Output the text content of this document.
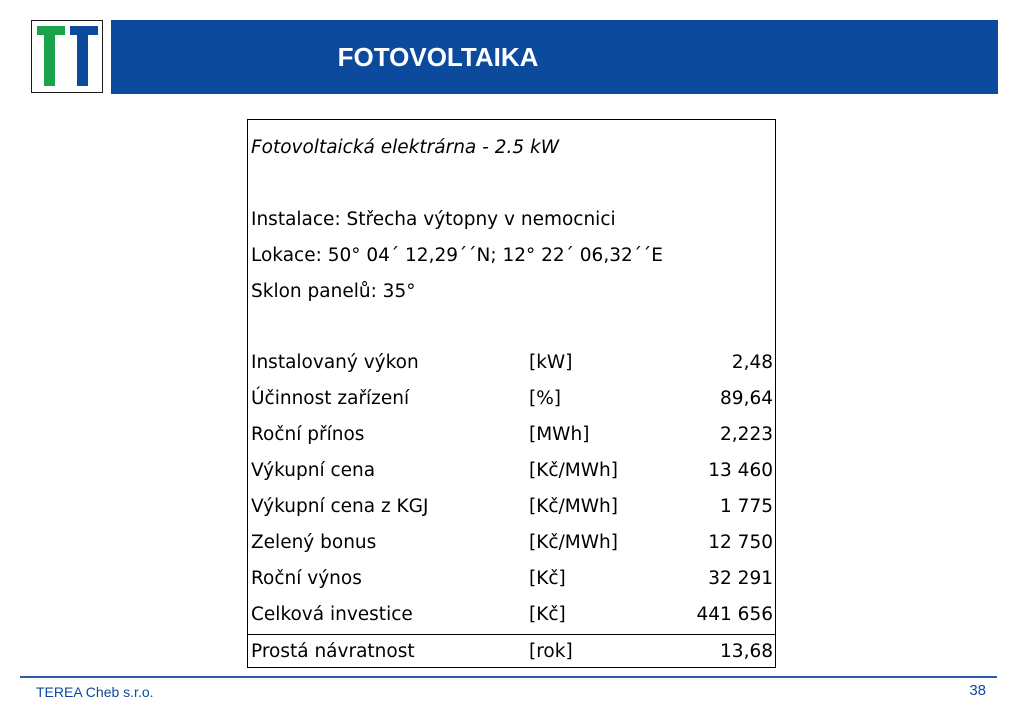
FOTOVOLTAIKA
Fotovoltaická elektrárna - 2.5 kW
Instalace: Střecha výtopny v nemocnici
Lokace: 50° 04´ 12,29´´N; 12° 22´ 06,32´´E
Sklon panelů: 35°
Instalovaný výkon	[kW]	2,48
Účinnost zařízení	[%]	89,64
Roční přínos	[MWh]	2,223
Výkupní cena	[Kč/MWh]	13 460
Výkupní cena z KGJ	[Kč/MWh]	1 775
Zelený bonus	[Kč/MWh]	12 750
Roční výnos	[Kč]	32 291
Celková investice	[Kč]	441 656
Prostá návratnost	[rok]	13,68
TEREA Cheb s.r.o.	38
